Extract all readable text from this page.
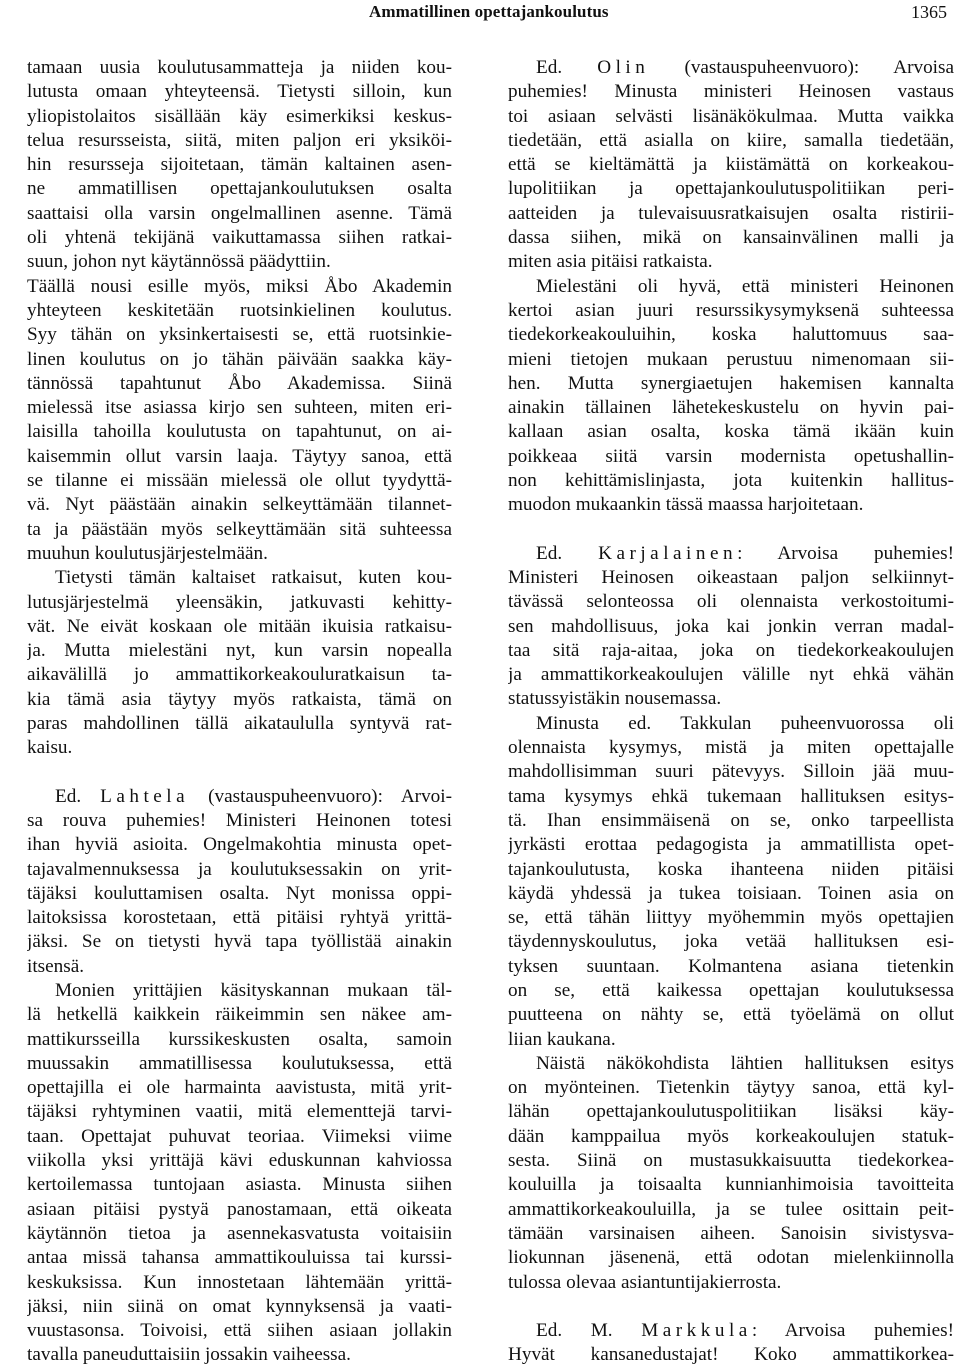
Ammatillinen opettajankoulutus	1365
tamaan uusia koulutusammatteja ja niiden kou-
lutusta omaan yhteyteensä. Tietysti silloin, kun
yliopistolaitos sisällään käy esimerkiksi keskus-
telua resursseista, siitä, miten paljon eri yksiköi-
hin resursseja sijoitetaan, tämän kaltainen asen-
ne ammatillisen opettajankoulutuksen osalta
saattaisi olla varsin ongelmallinen asenne. Tämä
oli yhtenä tekijänä vaikuttamassa siihen ratkai-
suun, johon nyt käytännössä päädyttiin.
Täällä nousi esille myös, miksi Åbo Akademin
yhteyteen keskitetään ruotsinkielinen koulutus.
Syy tähän on yksinkertaisesti se, että ruotsinkie-
linen koulutus on jo tähän päivään saakka käy-
tännössä tapahtunut Åbo Akademissa. Siinä
mielessä itse asiassa kirjo sen suhteen, miten eri-
laisilla tahoilla koulutusta on tapahtunut, on ai-
kaisemmin ollut varsin laaja. Täytyy sanoa, että
se tilanne ei missään mielessä ole ollut tyydyttä-
vä. Nyt päästään ainakin selkeyttämään tilannet-
ta ja päästään myös selkeyttämään sitä suhteessa
muuhun koulutusjärjestelmään.
Tietysti tämän kaltaiset ratkaisut, kuten kou-
lutusjärjestelmä yleensäkin, jatkuvasti kehitty-
vät. Ne eivät koskaan ole mitään ikuisia ratkaisu-
ja. Mutta mielestäni nyt, kun varsin nopealla
aikavälillä jo ammattikorkeakouluratkaisun ta-
kia tämä asia täytyy myös ratkaista, tämä on
paras mahdollinen tällä aikataululla syntyvä rat-
kaisu.
Ed. Lahtela (vastauspuheenvuoro): Arvoi-
sa rouva puhemies! Ministeri Heinonen totesi
ihan hyviä asioita. Ongelmakohtia minusta opet-
tajavalmennuksessa ja koulutuksessakin on yrit-
täjäksi kouluttamisen osalta. Nyt monissa oppi-
laitoksissa korostetaan, että pitäisi ryhtyä yrittä-
jäksi. Se on tietysti hyvä tapa työllistää ainakin
itsensä.
Monien yrittäjien käsityskannan mukaan täl-
lä hetkellä kaikkein räikeimmin sen näkee am-
mattikursseilla kurssikeskusten osalta, samoin
muussakin ammatillisessa koulutuksessa, että
opettajilla ei ole harmainta aavistusta, mitä yrit-
täjäksi ryhtyminen vaatii, mitä elementtejä tarvi-
taan. Opettajat puhuvat teoriaa. Viimeksi viime
viikolla yksi yrittäjä kävi eduskunnan kahviossa
kertoilemassa tuntojaan asiasta. Minusta siihen
asiaan pitäisi pystyä panostamaan, että oikeata
käytännön tietoa ja asennekasvatusta voitaisiin
antaa missä tahansa ammattikouluissa tai kurssi-
keskuksissa. Kun innostetaan lähtemään yrittä-
jäksi, niin siinä on omat kynnyksensä ja vaati-
vuustasonsa. Toivoisi, että siihen asiaan jollakin
tavalla paneuduttaisiin jossakin vaiheessa.
Ed. Olin (vastauspuheenvuoro): Arvoisa
puhemies! Minusta ministeri Heinosen vastaus
toi asiaan selvästi lisänäkökulmaa. Mutta vaikka
tiedetään, että asialla on kiire, samalla tiedetään,
että se kieltämättä ja kiistämättä on korkeakou-
lupolitiikan ja opettajankoulutuspolitiikan peri-
aatteiden ja tulevaisuusratkaisujen osalta ristirii-
dassa siihen, mikä on kansainvälinen malli ja
miten asia pitäisi ratkaista.
Mielestäni oli hyvä, että ministeri Heinonen
kertoi asian juuri resurssikysymyksenä suhteessa
tiedekorkeakouluihin, koska haluttomuus saa-
mieni tietojen mukaan perustuu nimenomaan sii-
hen. Mutta synergiaetujen hakemisen kannalta
ainakin tällainen lähetekeskustelu on hyvin pai-
kallaan asian osalta, koska tämä ikään kuin
poikkeaa siitä varsin modernista opetushallin-
non kehittämislinjasta, jota kuitenkin hallitus-
muodon mukaankin tässä maassa harjoitetaan.
Ed. Karjalainen: Arvoisa puhemies!
Ministeri Heinosen oikeastaan paljon selkiinnyt-
tävässä selonteossa oli olennaista verkostoitumi-
sen mahdollisuus, joka kai jonkin verran madal-
taa sitä raja-aitaa, joka on tiedekorkeakoulujen
ja ammattikorkeakoulujen välille nyt ehkä vähän
statussyistäkin nousemassa.
Minusta ed. Takkulan puheenvuorossa oli
olennaista kysymys, mistä ja miten opettajalle
mahdollisimman suuri pätevyys. Silloin jää muu-
tama kysymys ehkä tukemaan hallituksen esitys-
tä. Ihan ensimmäisenä on se, onko tarpeellista
jyrkästi erottaa pedagogista ja ammatillista opet-
tajankoulutusta, koska ihanteena niiden pitäisi
käydä yhdessä ja tukea toisiaan. Toinen asia on
se, että tähän liittyy myöhemmin myös opettajien
täydennyskoulutus, joka vetää hallituksen esi-
tyksen suuntaan. Kolmantena asiana tietenkin
on se, että kaikessa opettajan koulutuksessa
puutteena on nähty se, että työelämä on ollut
liian kaukana.
Näistä näkökohdista lähtien hallituksen esitys
on myönteinen. Tietenkin täytyy sanoa, että kyl-
lähän opettajankoulutuspolitiikan lisäksi käy-
dään kamppailua myös korkeakoulujen statuk-
sesta. Siinä on mustasukkaisuutta tiedekorkea-
kouluilla ja toisaalta kunnianhimoisia tavoitteita
ammattikorkeakouluilla, ja se tulee osittain peit-
tämään varsinaisen aiheen. Sanoisin sivistysva-
liokunnan jäsenenä, että odotan mielenkiinnolla
tulossa olevaa asiantuntijakierrosta.
Ed. M. Markkula: Arvoisa puhemies!
Hyvät kansanedustajat! Koko ammattikorkea-
